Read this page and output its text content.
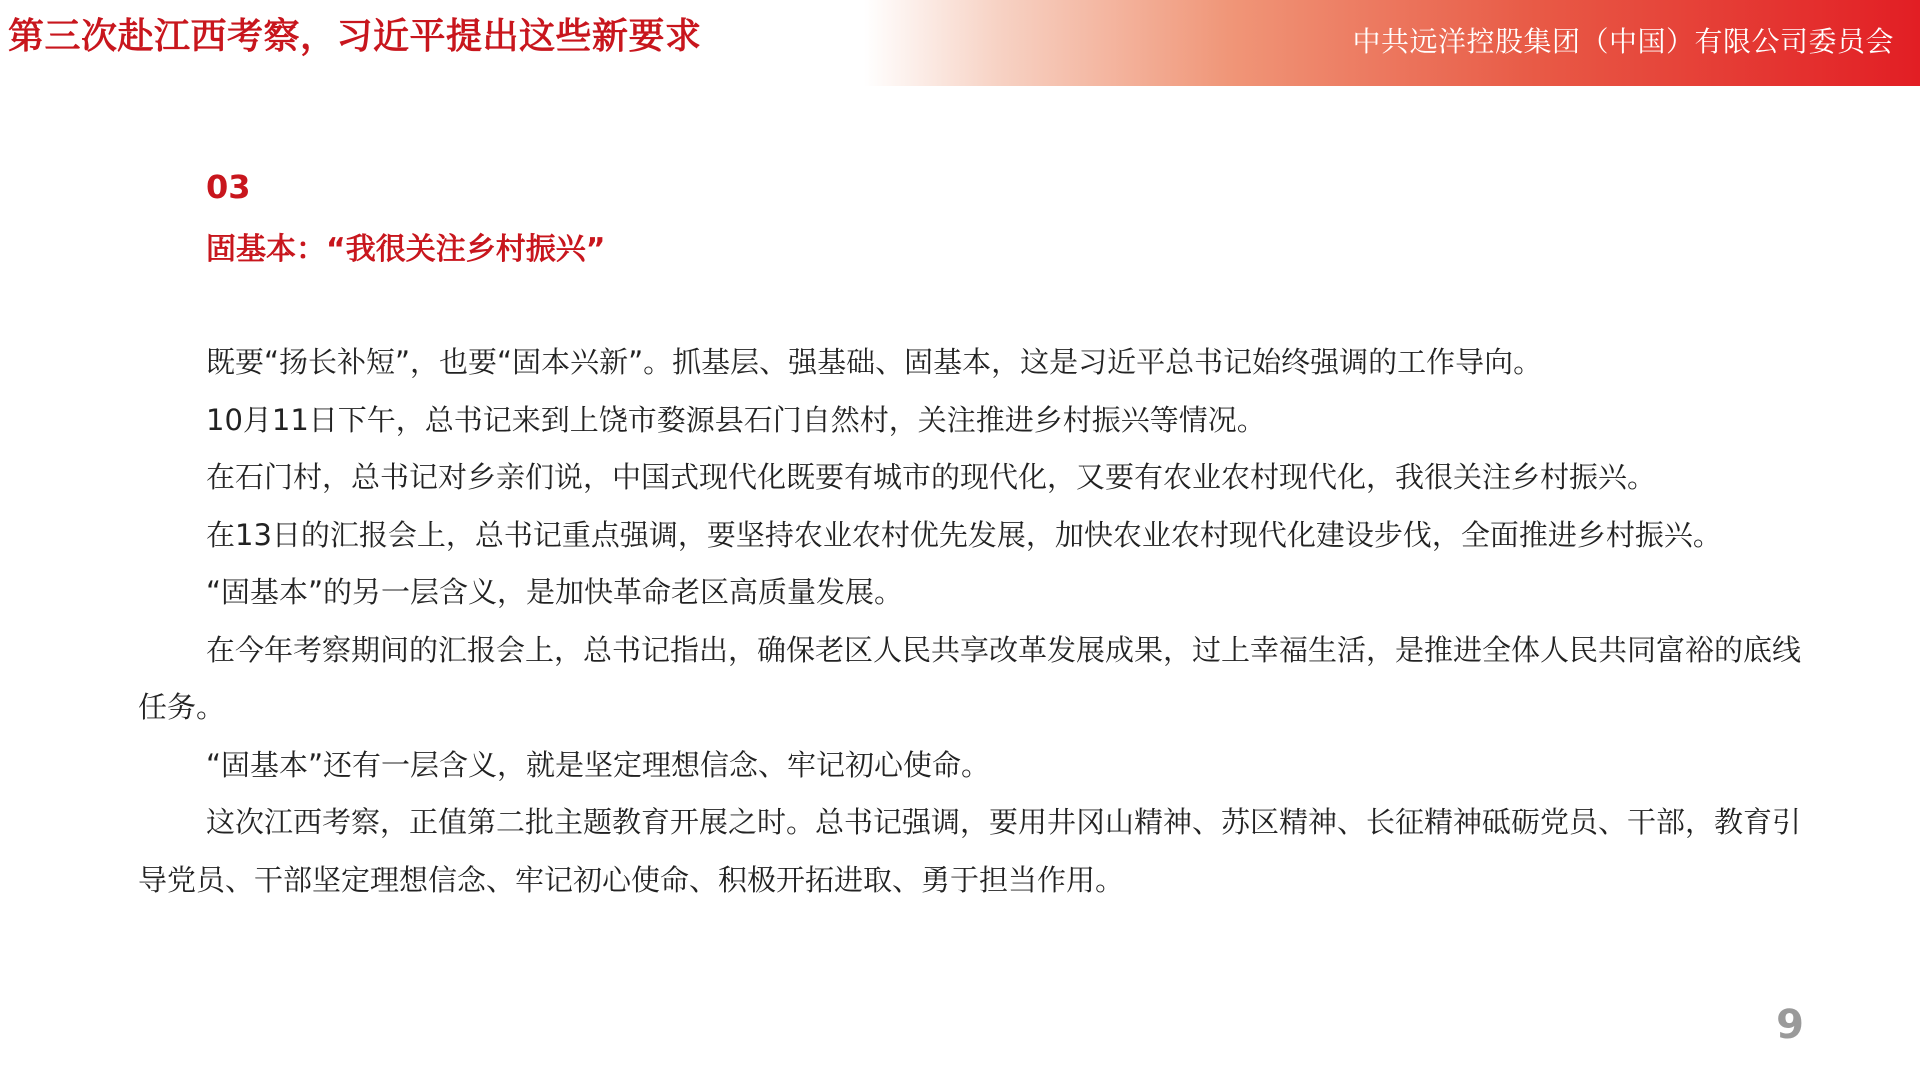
第三次赴江西考察，习近平提出这些新要求	中共远洋控股集团（中国）有限公司委员会
03
固基本：“我很关注乡村振兴”

既要“扬长补短”，也要“固本兴新”。抓基层、强基础、固基本，这是习近平总书记始终强调的工作导向。

10月11日下午，总书记来到上饶市婺源县石门自然村，关注推进乡村振兴等情况。

在石门村，总书记对乡亲们说，中国式现代化既要有城市的现代化，又要有农业农村现代化，我很关注乡村振兴。

在13日的汇报会上，总书记重点强调，要坚持农业农村优先发展，加快农业农村现代化建设步伐，全面推进乡村振兴。

“固基本”的另一层含义，是加快革命老区高质量发展。

在今年考察期间的汇报会上，总书记指出，确保老区人民共享改革发展成果，过上幸福生活，是推进全体人民共同富裕的底线任务。

“固基本”还有一层含义，就是坚定理想信念、牢记初心使命。

这次江西考察，正值第二批主题教育开展之时。总书记强调，要用井冈山精神、苏区精神、长征精神砥砺党员、干部，教育引导党员、干部坚定理想信念、牢记初心使命、积极开拓进取、勇于担当作用。

9
